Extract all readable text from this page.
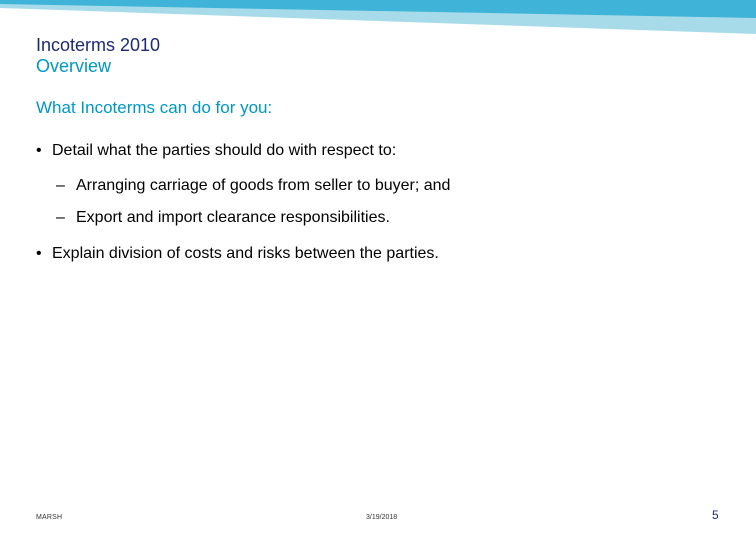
Incoterms 2010
Overview
What Incoterms can do for you:
• Detail what the parties should do with respect to:
– Arranging carriage of goods from seller to buyer; and
– Export and import clearance responsibilities.
• Explain division of costs and risks between the parties.
MARSH	3/19/2018	5
